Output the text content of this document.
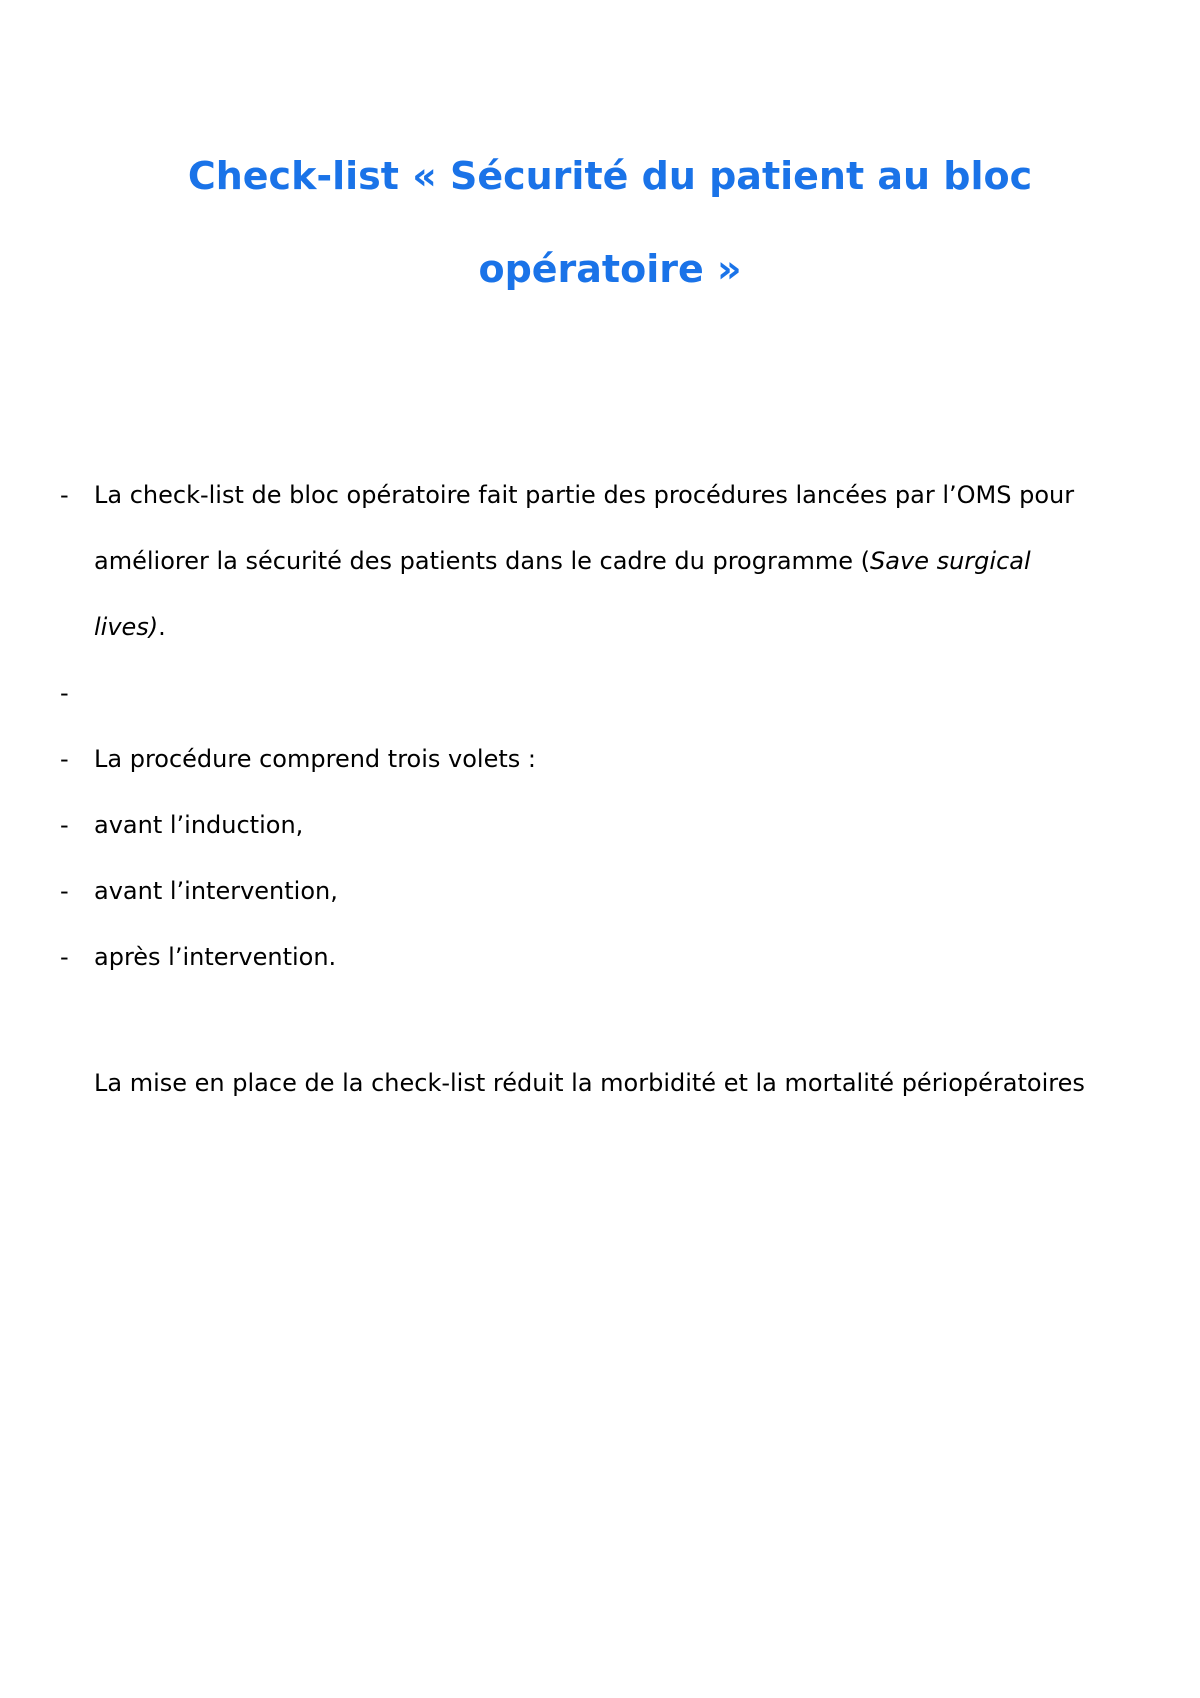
Check-list « Sécurité du patient au bloc
opératoire »
- La check-list de bloc opératoire fait partie des procédures lancées par l’OMS pour
améliorer la sécurité des patients dans le cadre du programme (Save surgical
lives).
-
- La procédure comprend trois volets :
- avant l’induction,
- avant l’intervention,
- après l’intervention.

La mise en place de la check-list réduit la morbidité et la mortalité périopératoires
